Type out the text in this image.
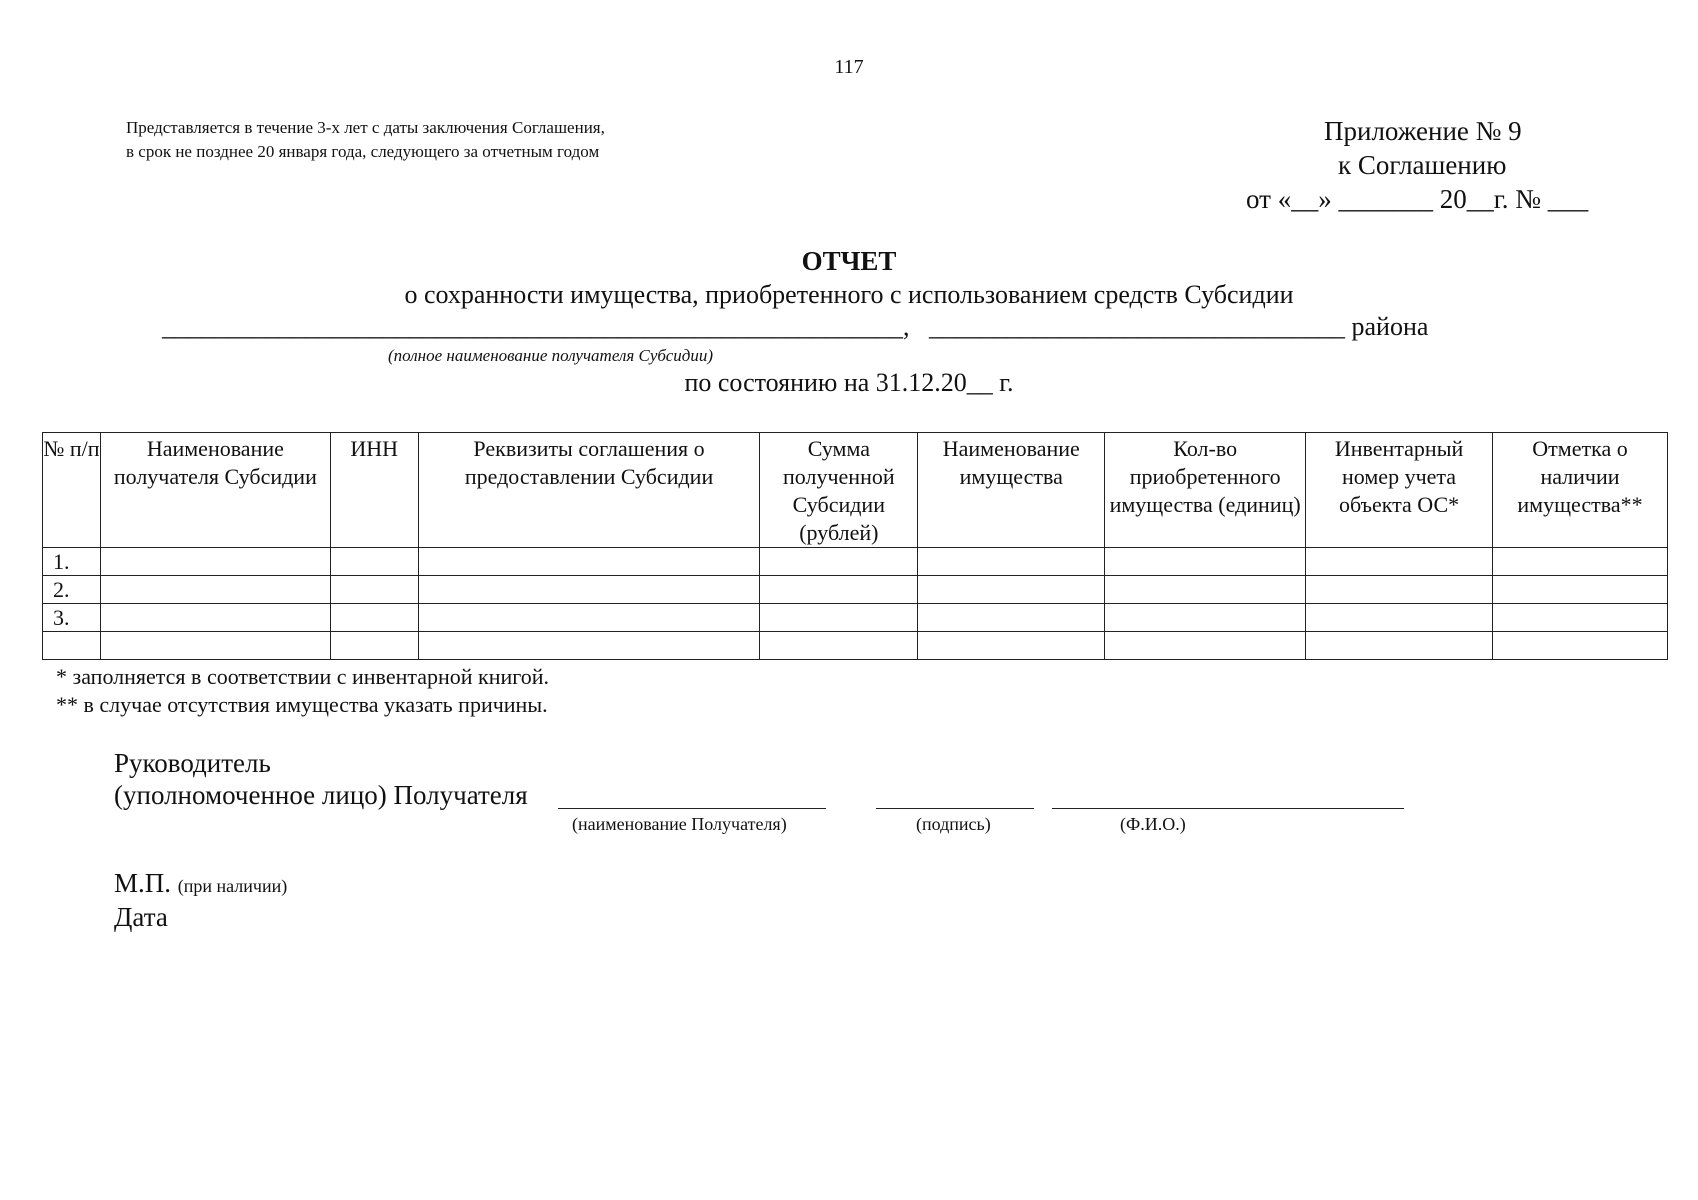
117
Представляется в течение 3-х лет с даты заключения Соглашения,
в срок не позднее 20 января года, следующего за отчетным годом
Приложение № 9
к Соглашению
от «__» _______ 20__г. № ___
ОТЧЕТ
о сохранности имущества, приобретенного с использованием средств Субсидии
_________________________________________________________,   ________________________________ района
(полное наименование получателя Субсидии)
по состоянию на 31.12.20__ г.
№ п/п	Наименование получателя Субсидии	ИНН	Реквизиты соглашения о предоставлении Субсидии	Сумма полученной Субсидии (рублей)	Наименование имущества	Кол-во приобретенного имущества (единиц)	Инвентарный номер учета объекта ОС*	Отметка о наличии имущества**
1.								
2.								
3.								

* заполняется в соответствии с инвентарной книгой.
** в случае отсутствия имущества указать причины.
Руководитель
(уполномоченное лицо) Получателя
(наименование Получателя)	(подпись)	(Ф.И.О.)
М.П. (при наличии)
Дата
